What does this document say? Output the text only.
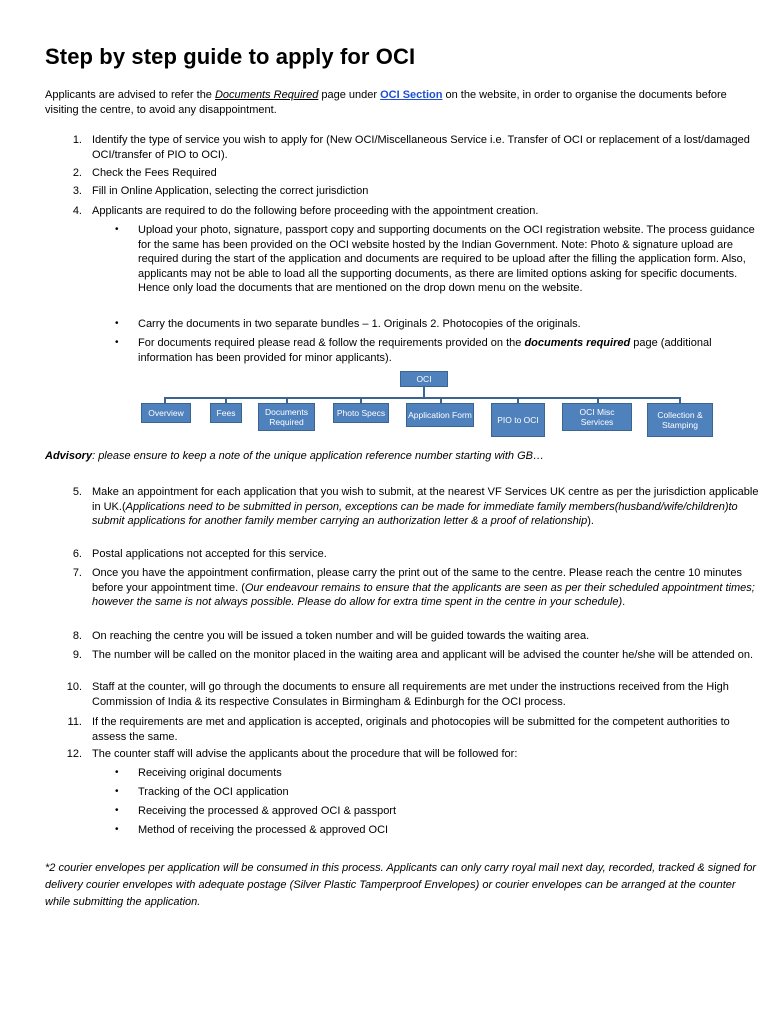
Step by step guide to apply for OCI

Applicants are advised to refer the Documents Required page under OCI Section on the website, in order to organise the documents before visiting the centre, to avoid any disappointment.

1. Identify the type of service you wish to apply for (New OCI/Miscellaneous Service i.e. Transfer of OCI or replacement of a lost/damaged OCI/transfer of PIO to OCI).
2. Check the Fees Required
3. Fill in Online Application, selecting the correct jurisdiction
4. Applicants are required to do the following before proceeding with the appointment creation.
• Upload your photo, signature, passport copy and supporting documents on the OCI registration website. The process guidance for the same has been provided on the OCI website hosted by the Indian Government. Note: Photo & signature upload are required during the start of the application and documents are required to be upload after the filling the application form. Also, applicants may not be able to load all the supporting documents, as there are limited options asking for specific documents. Hence only load the documents that are mentioned on the drop down menu on the website.
• Carry the documents in two separate bundles – 1. Originals 2. Photocopies of the originals.
• For documents required please read & follow the requirements provided on the documents required page (additional information has been provided for minor applicants).
OCI
Overview	Fees	Documents Required
Photo Specs	Application Form	PIO to OCI
OCI Misc Services
Collection & Stamping

Advisory: please ensure to keep a note of the unique application reference number starting with GB…

5. Make an appointment for each application that you wish to submit, at the nearest VF Services UK centre as per the jurisdiction applicable in UK.(Applications need to be submitted in person, exceptions can be made for immediate family members(husband/wife/children)to submit applications for another family member carrying an authorization letter & a proof of relationship).
6. Postal applications not accepted for this service.
7. Once you have the appointment confirmation, please carry the print out of the same to the centre. Please reach the centre 10 minutes before your appointment time. (Our endeavour remains to ensure that the applicants are seen as per their scheduled appointment times; however the same is not always possible. Please do allow for extra time spent in the centre in your schedule).
8. On reaching the centre you will be issued a token number and will be guided towards the waiting area.
9. The number will be called on the monitor placed in the waiting area and applicant will be advised the counter he/she will be attended on.
10. Staff at the counter, will go through the documents to ensure all requirements are met under the instructions received from the High Commission of India & its respective Consulates in Birmingham & Edinburgh for the OCI process.
11. If the requirements are met and application is accepted, originals and photocopies will be submitted for the competent authorities to assess the same.
12. The counter staff will advise the applicants about the procedure that will be followed for:
• Receiving original documents
• Tracking of the OCI application
• Receiving the processed & approved OCI & passport
• Method of receiving the processed & approved OCI

*2 courier envelopes per application will be consumed in this process. Applicants can only carry royal mail next day, recorded, tracked & signed for delivery courier envelopes with adequate postage (Silver Plastic Tamperproof Envelopes) or courier envelopes can be arranged at the counter while submitting the application.
